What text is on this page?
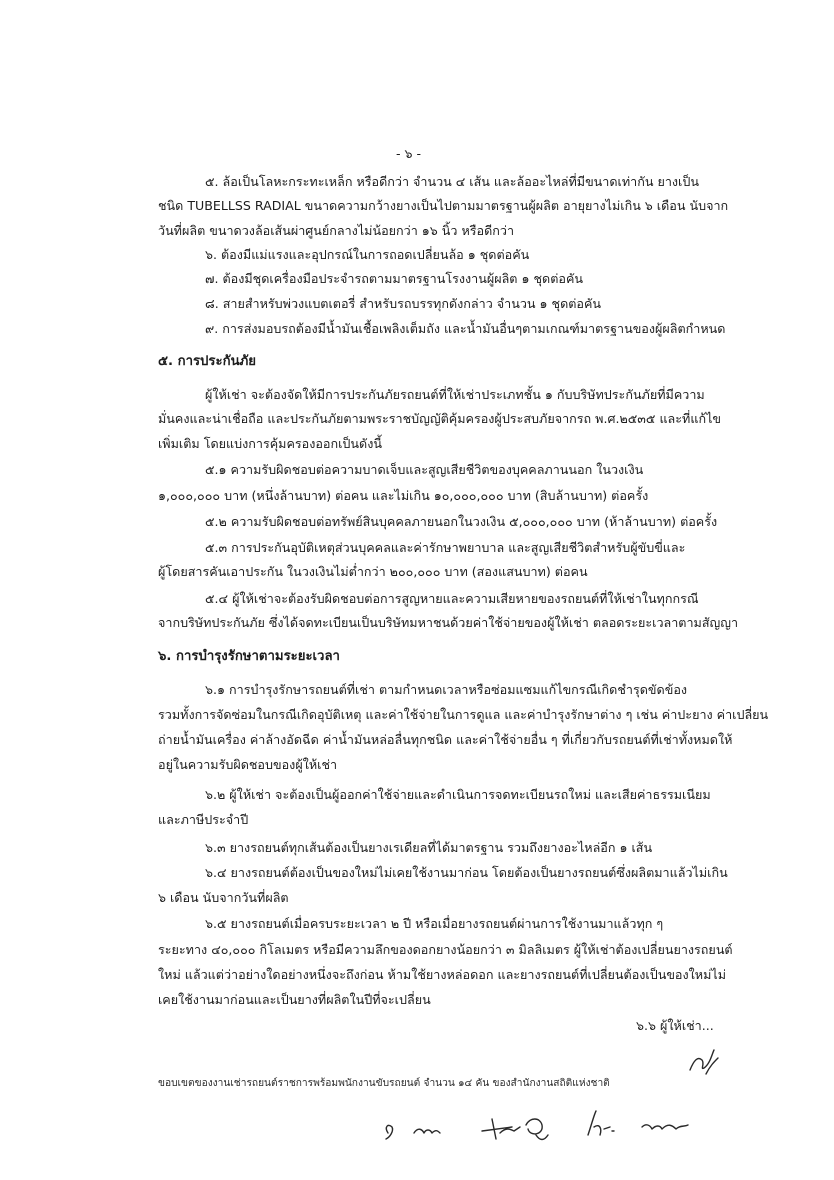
- ๖ -
๕. ล้อเป็นโลหะกระทะเหล็ก หรือดีกว่า จำนวน ๔ เส้น และล้ออะไหล่ที่มีขนาดเท่ากัน ยางเป็น
ชนิด TUBELLSS RADIAL ขนาดความกว้างยางเป็นไปตามมาตรฐานผู้ผลิต อายุยางไม่เกิน ๖ เดือน นับจาก
วันที่ผลิต ขนาดวงล้อเส้นผ่าศูนย์กลางไม่น้อยกว่า ๑๖ นิ้ว หรือดีกว่า
๖. ต้องมีแม่แรงและอุปกรณ์ในการถอดเปลี่ยนล้อ ๑ ชุดต่อคัน
๗. ต้องมีชุดเครื่องมือประจำรถตามมาตรฐานโรงงานผู้ผลิต ๑ ชุดต่อคัน
๘. สายสำหรับพ่วงแบตเตอรี่ สำหรับรถบรรทุกดังกล่าว จำนวน ๑ ชุดต่อคัน
๙. การส่งมอบรถต้องมีน้ำมันเชื้อเพลิงเต็มถัง และน้ำมันอื่นๆตามเกณฑ์มาตรฐานของผู้ผลิตกำหนด
๕. การประกันภัย
ผู้ให้เช่า จะต้องจัดให้มีการประกันภัยรถยนต์ที่ให้เช่าประเภทชั้น ๑ กับบริษัทประกันภัยที่มีความ
มั่นคงและน่าเชื่อถือ และประกันภัยตามพระราชบัญญัติคุ้มครองผู้ประสบภัยจากรถ พ.ศ.๒๕๓๕ และที่แก้ไข
เพิ่มเติม โดยแบ่งการคุ้มครองออกเป็นดังนี้
๕.๑ ความรับผิดชอบต่อความบาดเจ็บและสูญเสียชีวิตของบุคคลภานนอก ในวงเงิน
๑,๐๐๐,๐๐๐ บาท (หนึ่งล้านบาท) ต่อคน และไม่เกิน ๑๐,๐๐๐,๐๐๐ บาท (สิบล้านบาท) ต่อครั้ง
๕.๒ ความรับผิดชอบต่อทรัพย์สินบุคคลภายนอกในวงเงิน ๕,๐๐๐,๐๐๐ บาท (ห้าล้านบาท) ต่อครั้ง
๕.๓ การประกันอุบัติเหตุส่วนบุคคลและค่ารักษาพยาบาล และสูญเสียชีวิตสำหรับผู้ขับขี่และ
ผู้โดยสารคันเอาประกัน ในวงเงินไม่ต่ำกว่า ๒๐๐,๐๐๐ บาท (สองแสนบาท) ต่อคน
๕.๔ ผู้ให้เช่าจะต้องรับผิดชอบต่อการสูญหายและความเสียหายของรถยนต์ที่ให้เช่าในทุกกรณี
จากบริษัทประกันภัย ซึ่งได้จดทะเบียนเป็นบริษัทมหาชนด้วยค่าใช้จ่ายของผู้ให้เช่า ตลอดระยะเวลาตามสัญญา
๖. การบำรุงรักษาตามระยะเวลา
๖.๑ การบำรุงรักษารถยนต์ที่เช่า ตามกำหนดเวลาหรือซ่อมแซมแก้ไขกรณีเกิดชำรุดขัดข้อง
รวมทั้งการจัดซ่อมในกรณีเกิดอุบัติเหตุ และค่าใช้จ่ายในการดูแล และค่าบำรุงรักษาต่าง ๆ เช่น ค่าปะยาง ค่าเปลี่ยน
ถ่ายน้ำมันเครื่อง ค่าล้างอัดฉีด ค่าน้ำมันหล่อลื่นทุกชนิด และค่าใช้จ่ายอื่น ๆ ที่เกี่ยวกับรถยนต์ที่เช่าทั้งหมดให้
อยู่ในความรับผิดชอบของผู้ให้เช่า
๖.๒ ผู้ให้เช่า จะต้องเป็นผู้ออกค่าใช้จ่ายและดำเนินการจดทะเบียนรถใหม่ และเสียค่าธรรมเนียม
และภาษีประจำปี
๖.๓ ยางรถยนต์ทุกเส้นต้องเป็นยางเรเดียลที่ได้มาตรฐาน รวมถึงยางอะไหล่อีก ๑ เส้น
๖.๔ ยางรถยนต์ต้องเป็นของใหม่ไม่เคยใช้งานมาก่อน โดยต้องเป็นยางรถยนต์ซึ่งผลิตมาแล้วไม่เกิน
๖ เดือน นับจากวันที่ผลิต
๖.๕ ยางรถยนต์เมื่อครบระยะเวลา ๒ ปี หรือเมื่อยางรถยนต์ผ่านการใช้งานมาแล้วทุก ๆ
ระยะทาง ๔๐,๐๐๐ กิโลเมตร หรือมีความลึกของดอกยางน้อยกว่า ๓ มิลลิเมตร ผู้ให้เช่าต้องเปลี่ยนยางรถยนต์
ใหม่ แล้วแต่ว่าอย่างใดอย่างหนึ่งจะถึงก่อน ห้ามใช้ยางหล่อดอก และยางรถยนต์ที่เปลี่ยนต้องเป็นของใหม่ไม่
เคยใช้งานมาก่อนและเป็นยางที่ผลิตในปีที่จะเปลี่ยน
๖.๖ ผู้ให้เช่า...
ขอบเขตของงานเช่ารถยนต์ราชการพร้อมพนักงานขับรถยนต์ จำนวน ๑๔ คัน ของสำนักงานสถิติแห่งชาติ
